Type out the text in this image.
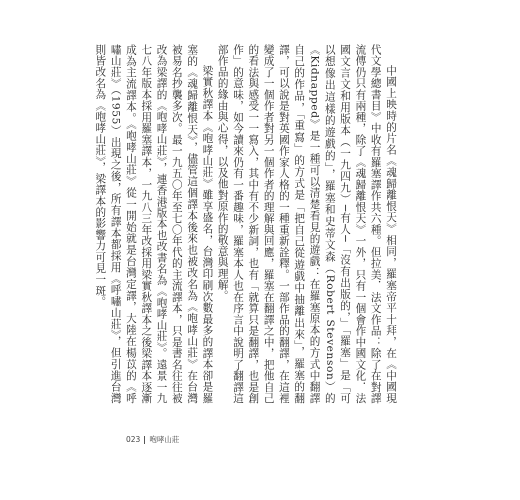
中國上映時的片名《魂歸離恨天》相同，羅塞帝平十拜，在《中國現代文學總書目》中收有羅塞譯作共六種。但拉美．法文作品：除了在對譯流傳仍只有兩種，除了《魂歸離恨天》一外，只有一個會作中國文化．法國文言文和用版本（一九四九）─有人─「沒有出版的，」「羅塞」是「可以想像出這樣的遊戲的」，羅塞和史蒂文森（Robert Stevenson）的《Kidnapped》是一種可以清楚看見的遊戲：在羅塞原本的方式中翻譯自己的作品，「重寫」的方式是「把自己從遊戲中抽離出來」，羅塞的翻譯，可以說是對英國作家人格的一種重新詮釋。一部作品的翻譯，在這裡變成了一個作者對另一個作者的理解與回應，羅塞在翻譯之中，把他自己的看法與感受一一寫入，其中有不少新詞，也有「就算只是翻譯，也是創作」的意味，如今讀來仍有一番趣味，羅塞本人也在序言中說明了翻譯這部作品的緣由與心得，以及他對原作的敬意與理解。

梁實秋譯本《咆哮山莊》雖享盛名，台灣印刷次數最多的譯本卻是羅塞的《魂歸離恨天》，儘管這個譯本後來也被改名為《咆哮山莊》在台灣被易名抄襲多次。最一九五〇年至七〇年代的主流譯本，只是書名往往被改為梁譯的《咆哮山莊》，連香港版本也改書名為《咆哮山莊》。遠景一九七八年版本採用羅塞譯本，一九八三年改採用梁實秋譯本之後梁譯本逐漸成為主流譯本。《咆哮山莊》從一開始就是台灣定譯，大陸在楊苡的《呼嘯山莊》（1955）出現之後，所有譯本都採用《呼嘯山莊》，但引進台灣則皆改名為《咆哮山莊》，梁譯本的影響力可見一斑。

023 咆哮山莊
